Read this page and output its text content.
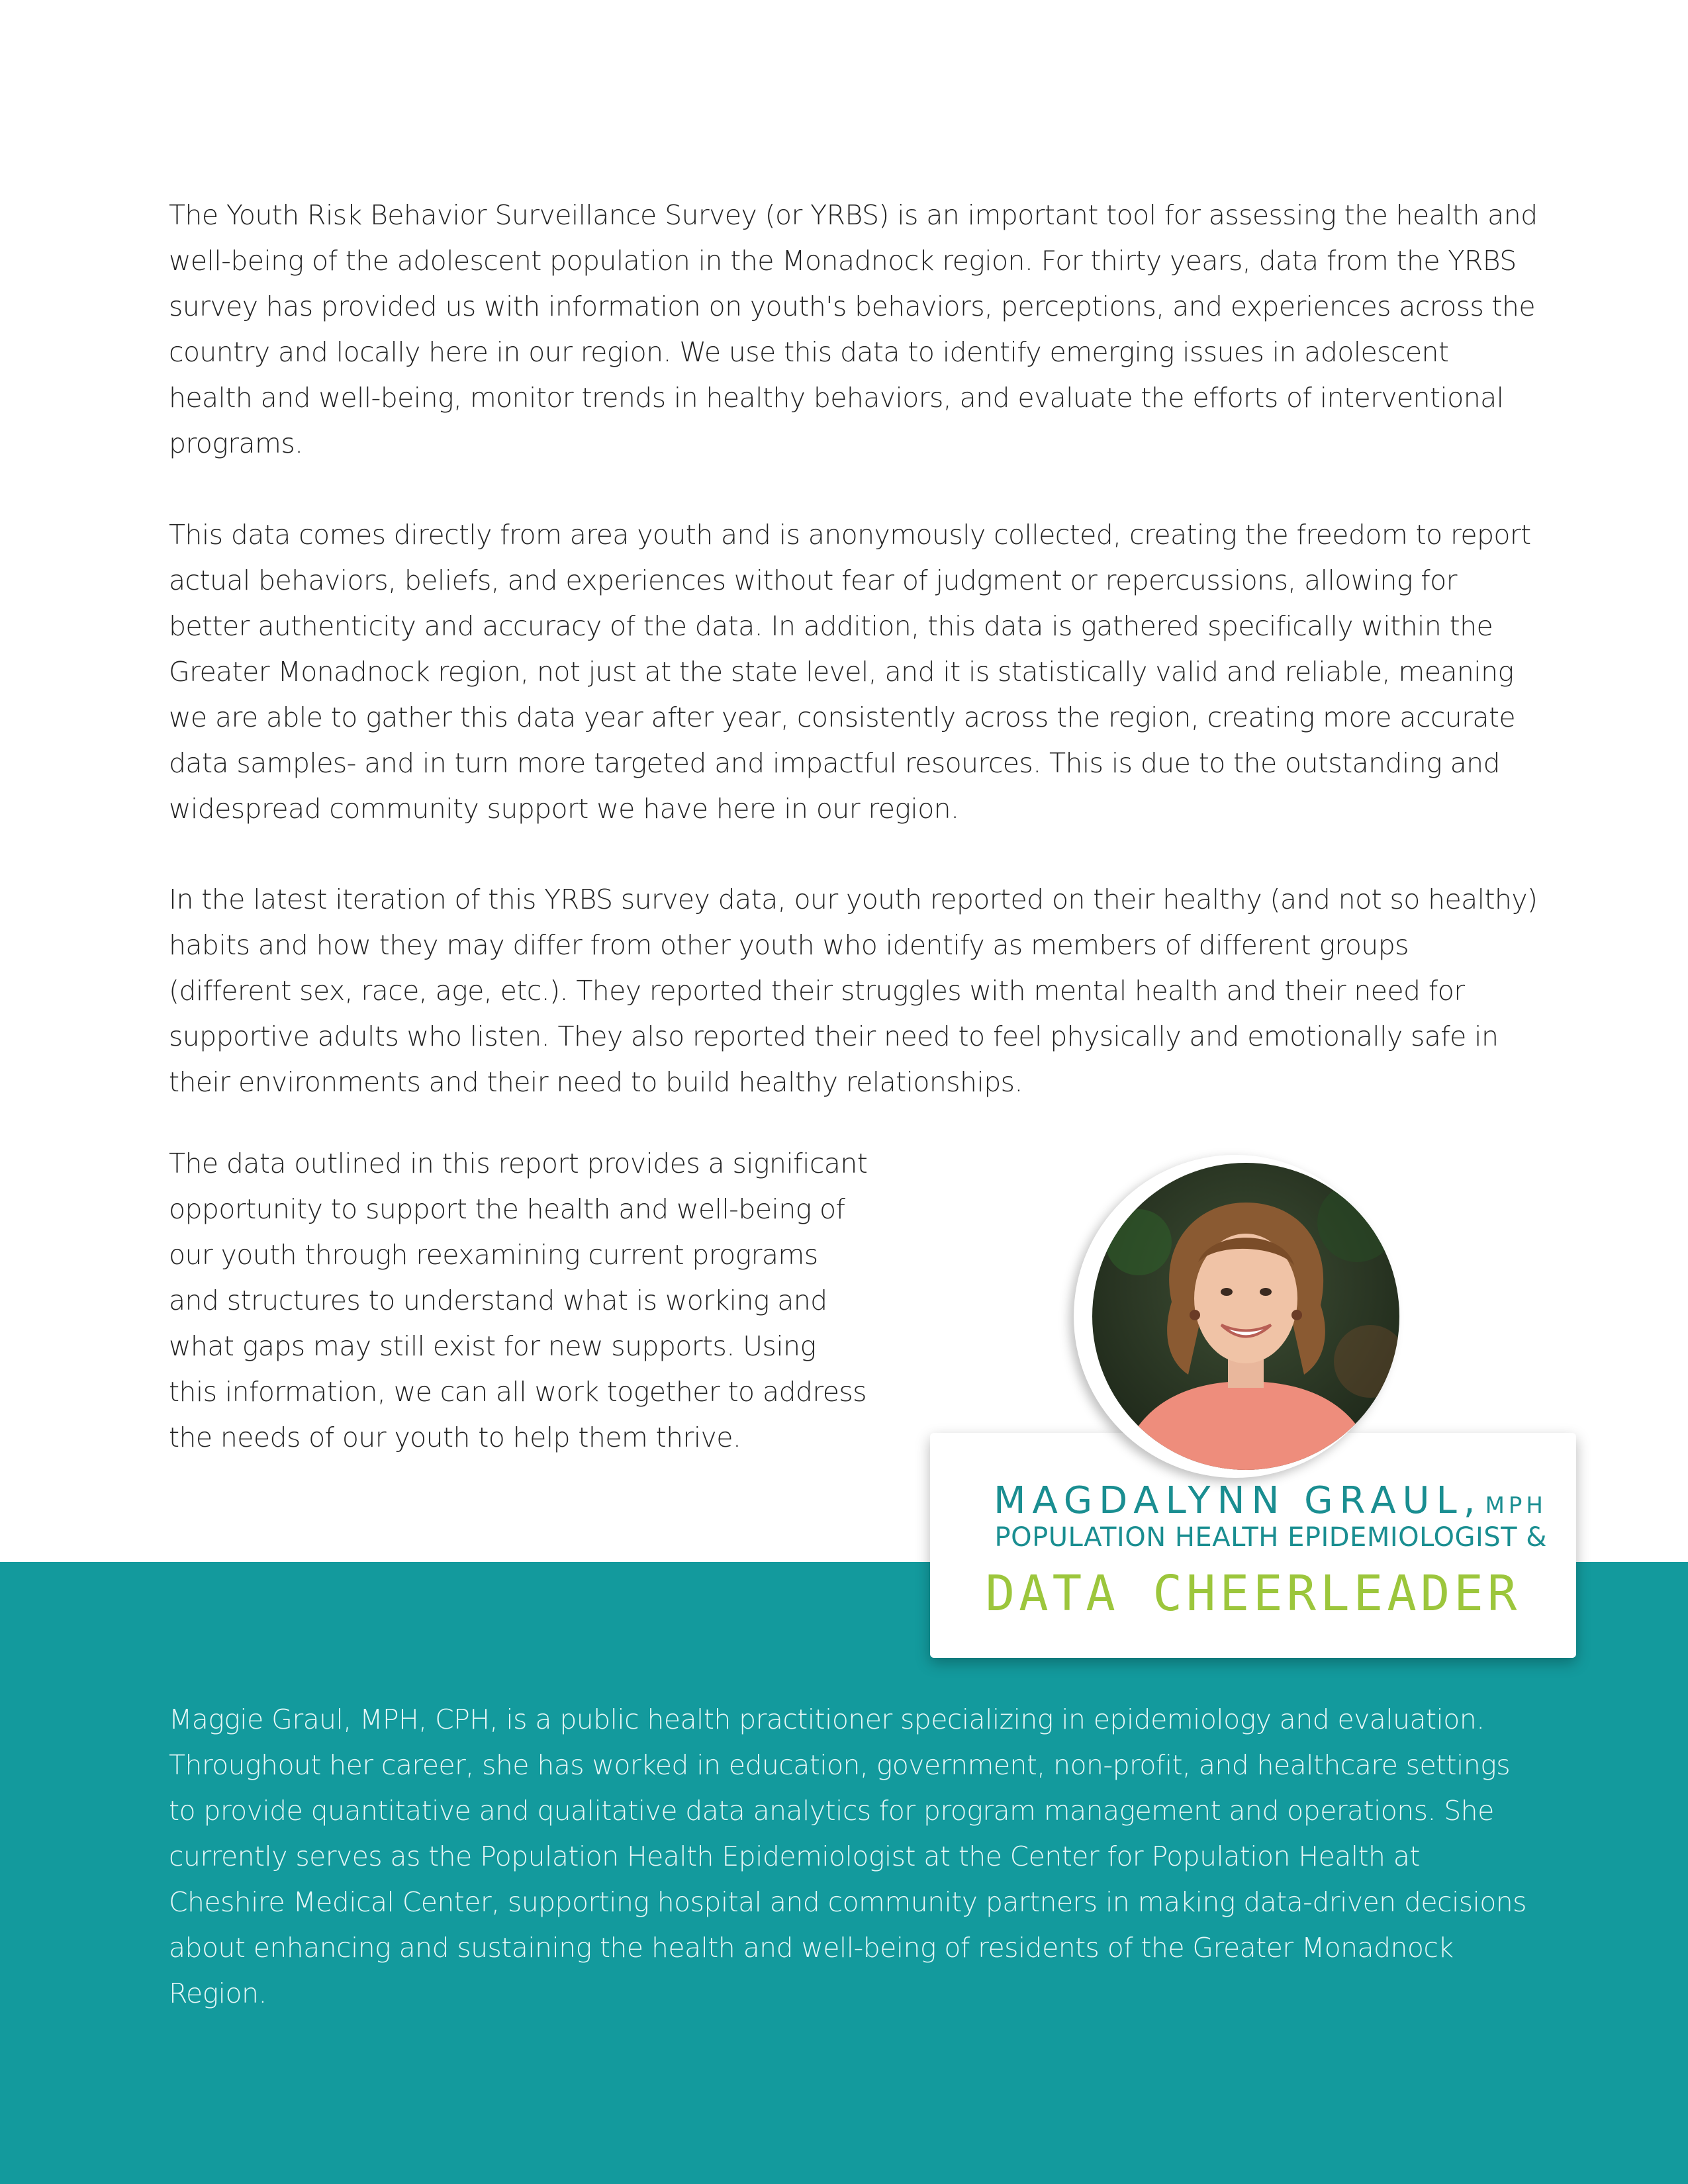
The Youth Risk Behavior Surveillance Survey (or YRBS) is an important tool for assessing the health and well-being of the adolescent population in the Monadnock region. For thirty years, data from the YRBS survey has provided us with information on youth's behaviors, perceptions, and experiences across the country and locally here in our region. We use this data to identify emerging issues in adolescent health and well-being, monitor trends in healthy behaviors, and evaluate the efforts of interventional programs.

This data comes directly from area youth and is anonymously collected, creating the freedom to report actual behaviors, beliefs, and experiences without fear of judgment or repercussions, allowing for better authenticity and accuracy of the data. In addition, this data is gathered specifically within the Greater Monadnock region, not just at the state level, and it is statistically valid and reliable, meaning we are able to gather this data year after year, consistently across the region, creating more accurate data samples- and in turn more targeted and impactful resources. This is due to the outstanding and widespread community support we have here in our region.

In the latest iteration of this YRBS survey data, our youth reported on their healthy (and not so healthy) habits and how they may differ from other youth who identify as members of different groups (different sex, race, age, etc.). They reported their struggles with mental health and their need for supportive adults who listen. They also reported their need to feel physically and emotionally safe in their environments and their need to build healthy relationships.

The data outlined in this report provides a significant opportunity to support the health and well-being of our youth through reexamining current programs and structures to understand what is working and what gaps may still exist for new supports. Using this information, we can all work together to address the needs of our youth to help them thrive.

Maggie Graul, MPH, CPH, is a public health practitioner specializing in epidemiology and evaluation. Throughout her career, she has worked in education, government, non-profit, and healthcare settings to provide quantitative and qualitative data analytics for program management and operations. She currently serves as the Population Health Epidemiologist at the Center for Population Health at Cheshire Medical Center, supporting hospital and community partners in making data-driven decisions about enhancing and sustaining the health and well-being of residents of the Greater Monadnock Region.

MAGDALYNN GRAUL, MPH
POPULATION HEALTH EPIDEMIOLOGIST &
DATA CHEERLEADER
